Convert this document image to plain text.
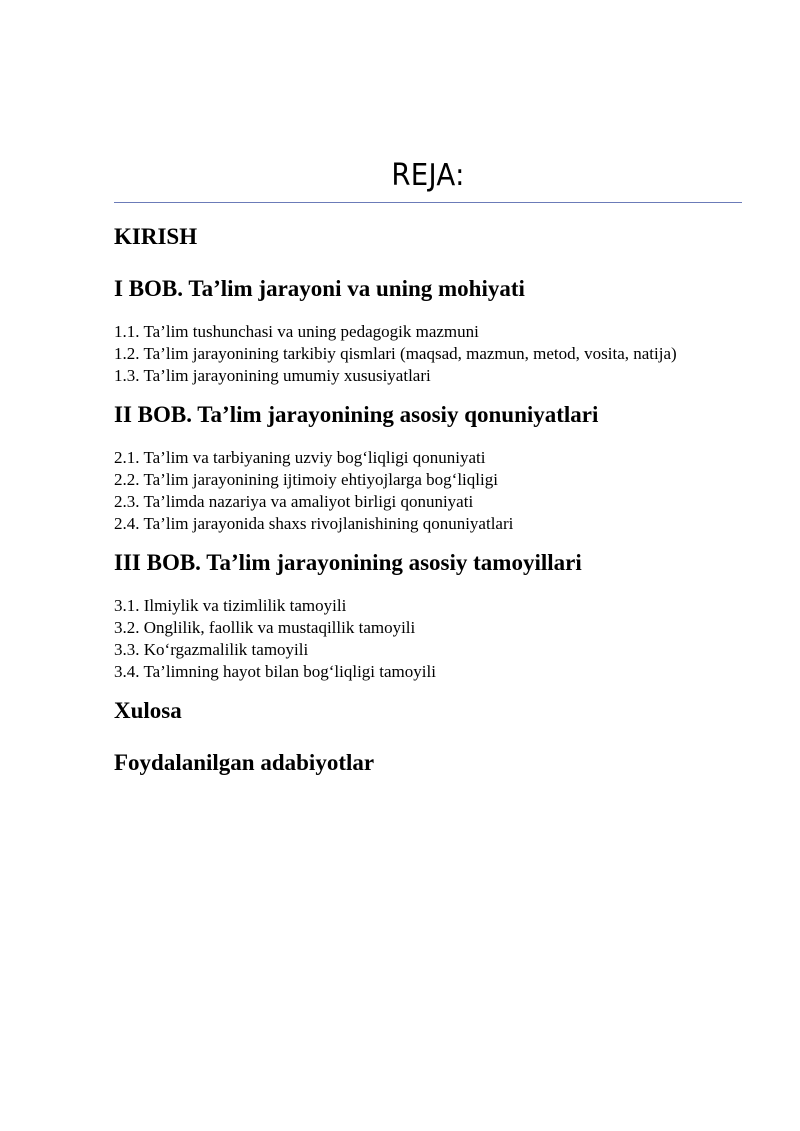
REJA:
KIRISH
I BOB. Ta’lim jarayoni va uning mohiyati
1.1. Ta’lim tushunchasi va uning pedagogik mazmuni
1.2. Ta’lim jarayonining tarkibiy qismlari (maqsad, mazmun, metod, vosita, natija)
1.3. Ta’lim jarayonining umumiy xususiyatlari
II BOB. Ta’lim jarayonining asosiy qonuniyatlari
2.1. Ta’lim va tarbiyaning uzviy bog‘liqligi qonuniyati
2.2. Ta’lim jarayonining ijtimoiy ehtiyojlarga bog‘liqligi
2.3. Ta’limda nazariya va amaliyot birligi qonuniyati
2.4. Ta’lim jarayonida shaxs rivojlanishining qonuniyatlari
III BOB. Ta’lim jarayonining asosiy tamoyillari
3.1. Ilmiylik va tizimlilik tamoyili
3.2. Onglilik, faollik va mustaqillik tamoyili
3.3. Ko‘rgazmalilik tamoyili
3.4. Ta’limning hayot bilan bog‘liqligi tamoyili
Xulosa
Foydalanilgan adabiyotlar
